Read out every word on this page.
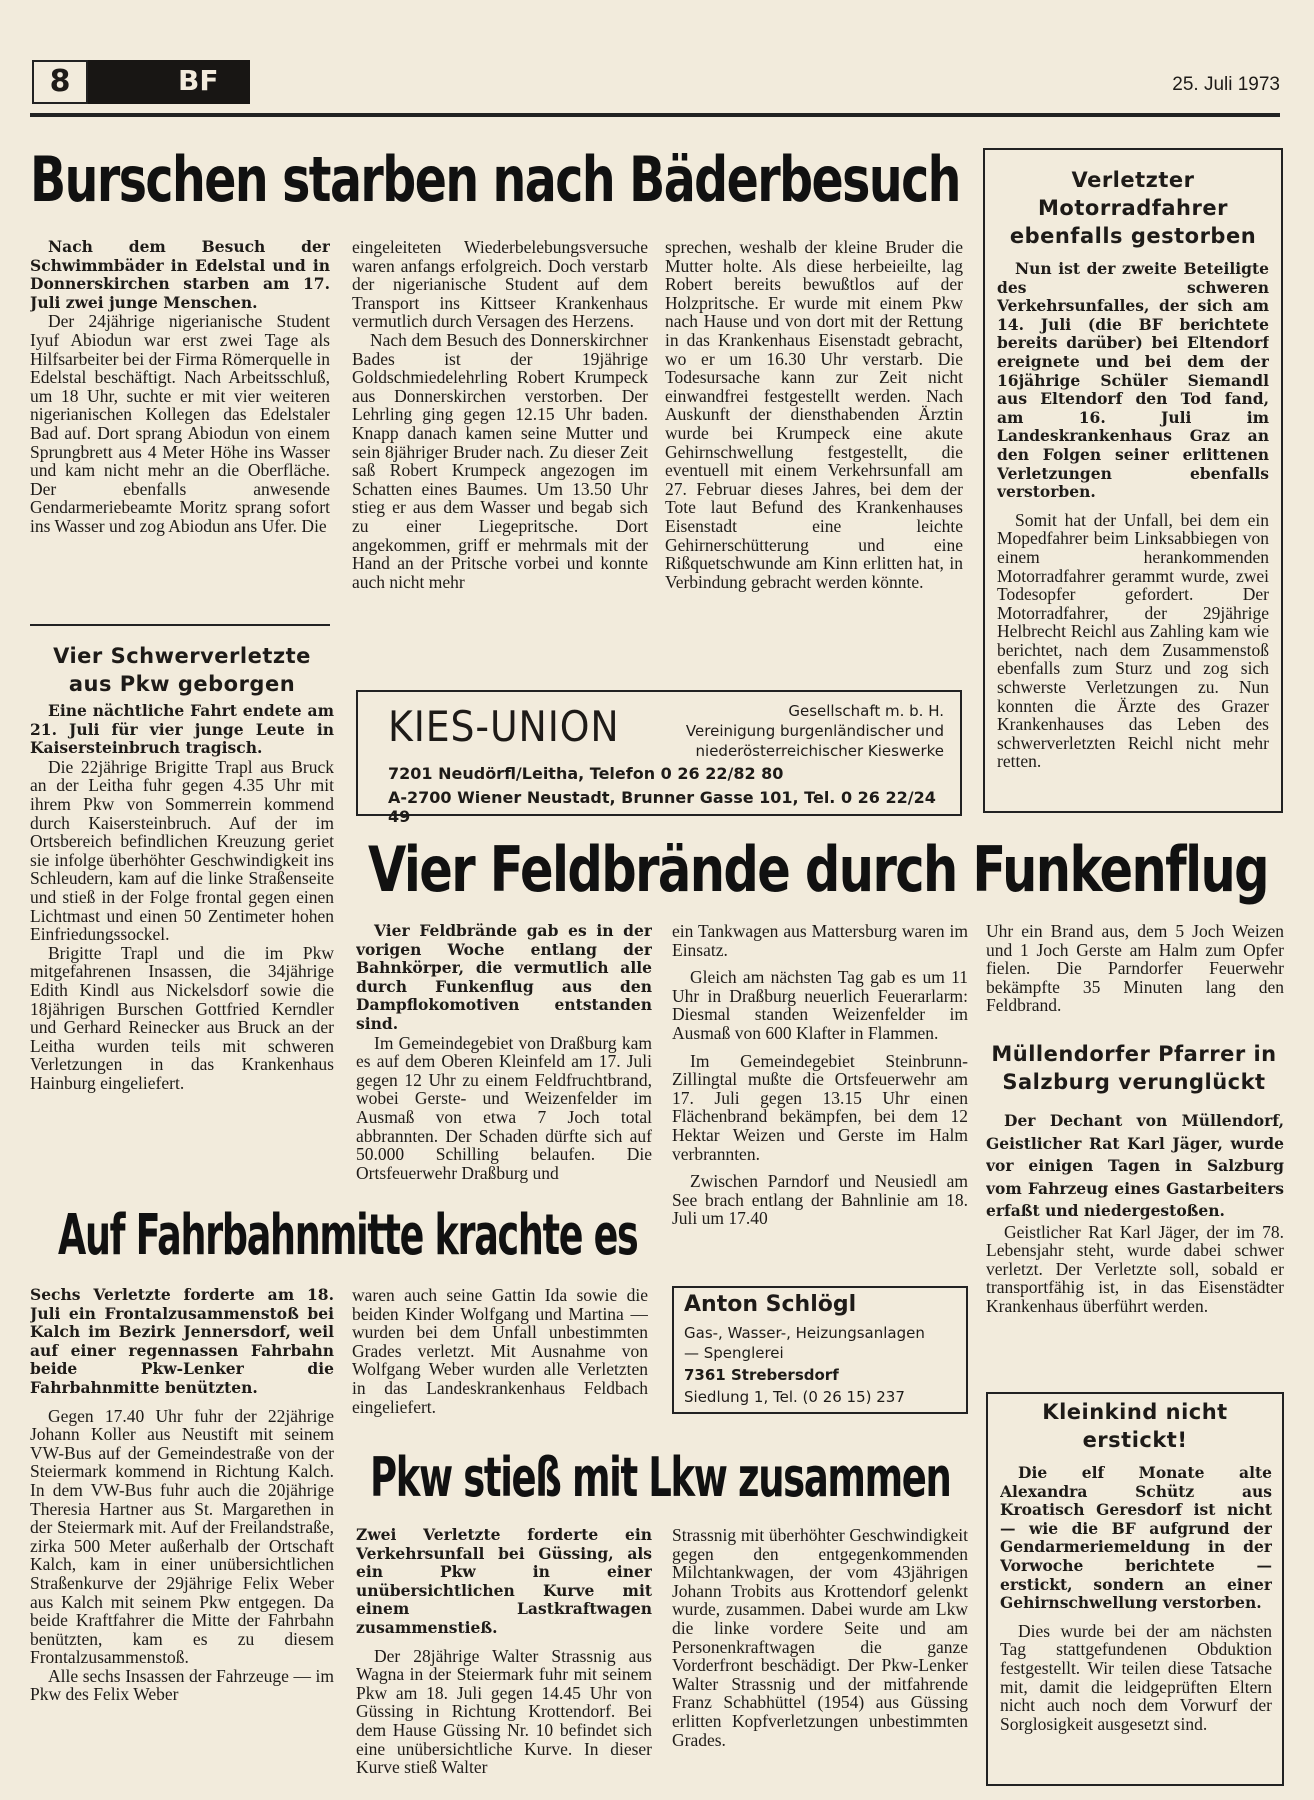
8	BF	25. Juli 1973
Burschen starben nach Bäderbesuch

Nach dem Besuch der Schwimmbäder in Edelstal und in Donnerskirchen starben am 17. Juli zwei junge Menschen.

Der 24jährige nigerianische Student Iyuf Abiodun war erst zwei Tage als Hilfsarbeiter bei der Firma Römerquelle in Edelstal beschäftigt. Nach Arbeitsschluß, um 18 Uhr, suchte er mit vier weiteren nigerianischen Kollegen das Edelstaler Bad auf. Dort sprang Abiodun von einem Sprungbrett aus 4 Meter Höhe ins Wasser und kam nicht mehr an die Oberfläche. Der ebenfalls anwesende Gendarmeriebeamte Moritz sprang sofort ins Wasser und zog Abiodun ans Ufer. Die

eingeleiteten Wiederbelebungsversuche waren anfangs erfolgreich. Doch verstarb der nigerianische Student auf dem Transport ins Kittseer Krankenhaus vermutlich durch Versagen des Herzens.

Nach dem Besuch des Donnerskirchner Bades ist der 19jährige Goldschmiedelehrling Robert Krumpeck aus Donnerskirchen verstorben. Der Lehrling ging gegen 12.15 Uhr baden. Knapp danach kamen seine Mutter und sein 8jähriger Bruder nach. Zu dieser Zeit saß Robert Krumpeck angezogen im Schatten eines Baumes. Um 13.50 Uhr stieg er aus dem Wasser und begab sich zu einer Liegepritsche. Dort angekommen, griff er mehrmals mit der Hand an der Pritsche vorbei und konnte auch nicht mehr

sprechen, weshalb der kleine Bruder die Mutter holte. Als diese herbeieilte, lag Robert bereits bewußtlos auf der Holzpritsche. Er wurde mit einem Pkw nach Hause und von dort mit der Rettung in das Krankenhaus Eisenstadt gebracht, wo er um 16.30 Uhr verstarb. Die Todesursache kann zur Zeit nicht einwandfrei festgestellt werden. Nach Auskunft der diensthabenden Ärztin wurde bei Krumpeck eine akute Gehirnschwellung festgestellt, die eventuell mit einem Verkehrsunfall am 27. Februar dieses Jahres, bei dem der Tote laut Befund des Krankenhauses Eisenstadt eine leichte Gehirnerschütterung und eine Rißquetschwunde am Kinn erlitten hat, in Verbindung gebracht werden könnte.

Verletzter Motorradfahrer ebenfalls gestorben

Nun ist der zweite Beteiligte des schweren Verkehrsunfalles, der sich am 14. Juli (die BF berichtete bereits darüber) bei Eltendorf ereignete und bei dem der 16jährige Schüler Siemandl aus Eltendorf den Tod fand, am 16. Juli im Landeskrankenhaus Graz an den Folgen seiner erlittenen Verletzungen ebenfalls verstorben.

Somit hat der Unfall, bei dem ein Mopedfahrer beim Linksabbiegen von einem herankommenden Motorradfahrer gerammt wurde, zwei Todesopfer gefordert. Der Motorradfahrer, der 29jährige Helbrecht Reichl aus Zahling kam wie berichtet, nach dem Zusammenstoß ebenfalls zum Sturz und zog sich schwerste Verletzungen zu. Nun konnten die Ärzte des Grazer Krankenhauses das Leben des schwerverletzten Reichl nicht mehr retten.

Vier Schwerverletzte aus Pkw geborgen

Eine nächtliche Fahrt endete am 21. Juli für vier junge Leute in Kaisersteinbruch tragisch.

Die 22jährige Brigitte Trapl aus Bruck an der Leitha fuhr gegen 4.35 Uhr mit ihrem Pkw von Sommerrein kommend durch Kaisersteinbruch. Auf der im Ortsbereich befindlichen Kreuzung geriet sie infolge überhöhter Geschwindigkeit ins Schleudern, kam auf die linke Straßenseite und stieß in der Folge frontal gegen einen Lichtmast und einen 50 Zentimeter hohen Einfriedungssockel.

Brigitte Trapl und die im Pkw mitgefahrenen Insassen, die 34jährige Edith Kindl aus Nickelsdorf sowie die 18jährigen Burschen Gottfried Kerndler und Gerhard Reinecker aus Bruck an der Leitha wurden teils mit schweren Verletzungen in das Krankenhaus Hainburg eingeliefert.

KIES-UNION	Gesellschaft m. b. H.
Vereinigung burgenländischer und
niederösterreichischer Kieswerke
7201 Neudörfl/Leitha, Telefon 0 26 22/82 80
A-2700 Wiener Neustadt, Brunner Gasse 101, Tel. 0 26 22/24 49
Vier Feldbrände durch Funkenflug

Vier Feldbrände gab es in der vorigen Woche entlang der Bahnkörper, die vermutlich alle durch Funkenflug aus den Dampflokomotiven entstanden sind.

Im Gemeindegebiet von Draßburg kam es auf dem Oberen Kleinfeld am 17. Juli gegen 12 Uhr zu einem Feldfruchtbrand, wobei Gerste- und Weizenfelder im Ausmaß von etwa 7 Joch total abbrannten. Der Schaden dürfte sich auf 50.000 Schilling belaufen. Die Ortsfeuerwehr Draßburg und

ein Tankwagen aus Mattersburg waren im Einsatz.

Gleich am nächsten Tag gab es um 11 Uhr in Draßburg neuerlich Feuerarlarm: Diesmal standen Weizenfelder im Ausmaß von 600 Klafter in Flammen.

Im Gemeindegebiet Steinbrunn-Zillingtal mußte die Ortsfeuerwehr am 17. Juli gegen 13.15 Uhr einen Flächenbrand bekämpfen, bei dem 12 Hektar Weizen und Gerste im Halm verbrannten.

Zwischen Parndorf und Neusiedl am See brach entlang der Bahnlinie am 18. Juli um 17.40

Uhr ein Brand aus, dem 5 Joch Weizen und 1 Joch Gerste am Halm zum Opfer fielen. Die Parndorfer Feuerwehr bekämpfte 35 Minuten lang den Feldbrand.

Müllendorfer Pfarrer in Salzburg verunglückt

Der Dechant von Müllendorf, Geistlicher Rat Karl Jäger, wurde vor einigen Tagen in Salzburg vom Fahrzeug eines Gastarbeiters erfaßt und niedergestoßen.

Geistlicher Rat Karl Jäger, der im 78. Lebensjahr steht, wurde dabei schwer verletzt. Der Verletzte soll, sobald er transportfähig ist, in das Eisenstädter Krankenhaus überführt werden.

Auf Fahrbahnmitte krachte es

Sechs Verletzte forderte am 18. Juli ein Frontalzusammenstoß bei Kalch im Bezirk Jennersdorf, weil auf einer regennassen Fahrbahn beide Pkw-Lenker die Fahrbahnmitte benützten.

Gegen 17.40 Uhr fuhr der 22jährige Johann Koller aus Neustift mit seinem VW-Bus auf der Gemeindestraße von der Steiermark kommend in Richtung Kalch. In dem VW-Bus fuhr auch die 20jährige Theresia Hartner aus St. Margarethen in der Steiermark mit. Auf der Freilandstraße, zirka 500 Meter außerhalb der Ortschaft Kalch, kam in einer unübersichtlichen Straßenkurve der 29jährige Felix Weber aus Kalch mit seinem Pkw entgegen. Da beide Kraftfahrer die Mitte der Fahrbahn benützten, kam es zu diesem Frontalzusammenstoß.

Alle sechs Insassen der Fahrzeuge — im Pkw des Felix Weber

waren auch seine Gattin Ida sowie die beiden Kinder Wolfgang und Martina — wurden bei dem Unfall unbestimmten Grades verletzt. Mit Ausnahme von Wolfgang Weber wurden alle Verletzten in das Landeskrankenhaus Feldbach eingeliefert.

Anton Schlögl
Gas-, Wasser-, Heizungsanlagen
— Spenglerei
7361 Strebersdorf
Siedlung 1, Tel. (0 26 15) 237
Pkw stieß mit Lkw zusammen

Zwei Verletzte forderte ein Verkehrsunfall bei Güssing, als ein Pkw in einer unübersichtlichen Kurve mit einem Lastkraftwagen zusammenstieß.

Der 28jährige Walter Strassnig aus Wagna in der Steiermark fuhr mit seinem Pkw am 18. Juli gegen 14.45 Uhr von Güssing in Richtung Krottendorf. Bei dem Hause Güssing Nr. 10 befindet sich eine unübersichtliche Kurve. In dieser Kurve stieß Walter

Strassnig mit überhöhter Geschwindigkeit gegen den entgegenkommenden Milchtankwagen, der vom 43jährigen Johann Trobits aus Krottendorf gelenkt wurde, zusammen. Dabei wurde am Lkw die linke vordere Seite und am Personenkraftwagen die ganze Vorderfront beschädigt. Der Pkw-Lenker Walter Strassnig und der mitfahrende Franz Schabhüttel (1954) aus Güssing erlitten Kopfverletzungen unbestimmten Grades.

Kleinkind nicht erstickt!

Die elf Monate alte Alexandra Schütz aus Kroatisch Geresdorf ist nicht — wie die BF aufgrund der Gendarmeriemeldung in der Vorwoche berichtete — erstickt, sondern an einer Gehirnschwellung verstorben.

Dies wurde bei der am nächsten Tag stattgefundenen Obduktion festgestellt. Wir teilen diese Tatsache mit, damit die leidgeprüften Eltern nicht auch noch dem Vorwurf der Sorglosigkeit ausgesetzt sind.
